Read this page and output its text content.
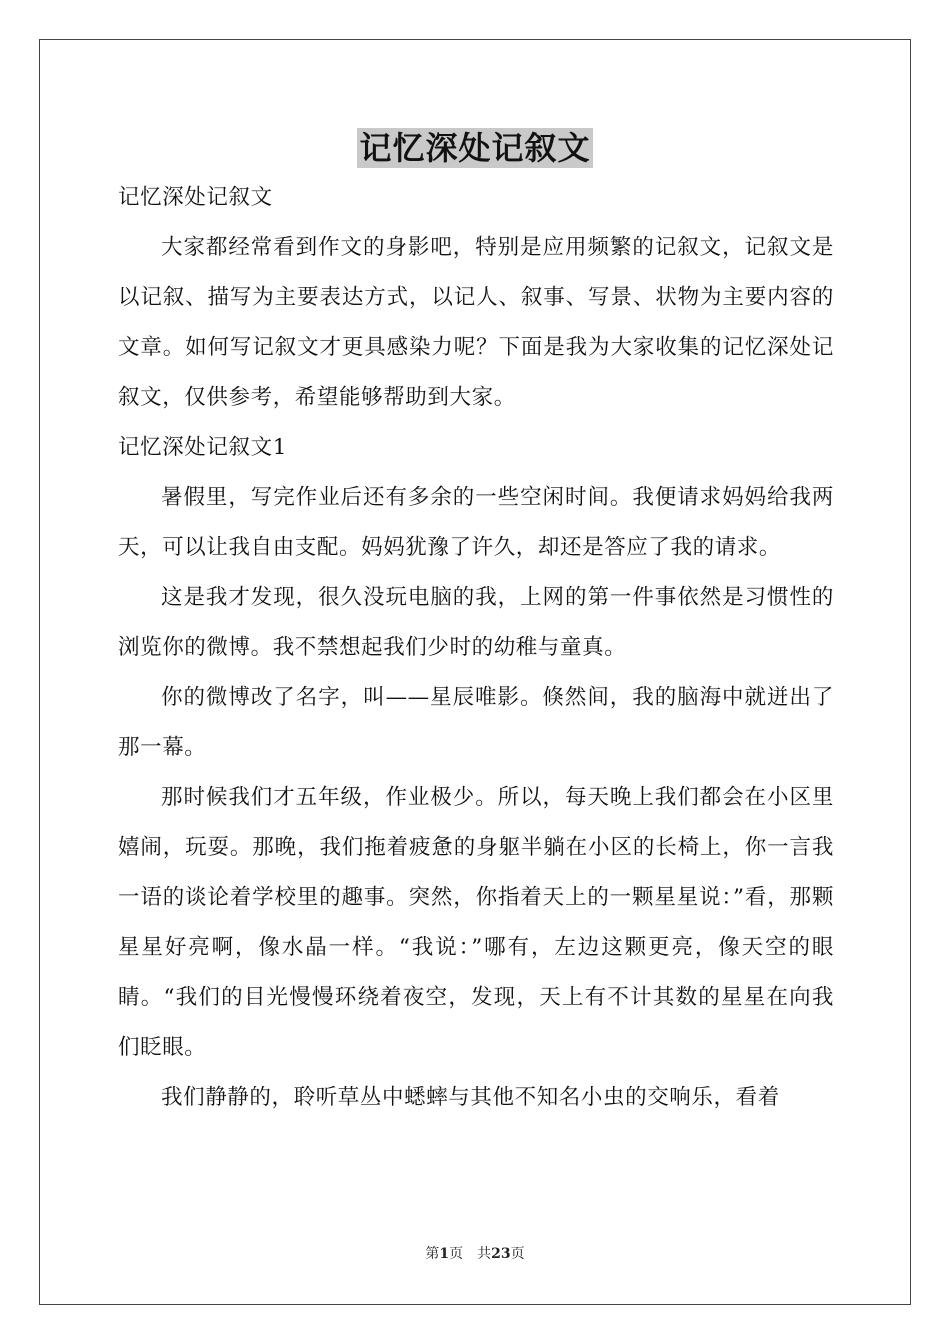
记忆深处记叙文

记忆深处记叙文

大家都经常看到作文的身影吧，特别是应用频繁的记叙文，记叙文是以记叙、描写为主要表达方式，以记人、叙事、写景、状物为主要内容的文章。如何写记叙文才更具感染力呢？下面是我为大家收集的记忆深处记叙文，仅供参考，希望能够帮助到大家。

记忆深处记叙文1

暑假里，写完作业后还有多余的一些空闲时间。我便请求妈妈给我两天，可以让我自由支配。妈妈犹豫了许久，却还是答应了我的请求。

这是我才发现，很久没玩电脑的我，上网的第一件事依然是习惯性的浏览你的微博。我不禁想起我们少时的幼稚与童真。

你的微博改了名字，叫——星辰唯影。倏然间，我的脑海中就迸出了那一幕。

那时候我们才五年级，作业极少。所以，每天晚上我们都会在小区里嬉闹，玩耍。那晚，我们拖着疲惫的身躯半躺在小区的长椅上，你一言我一语的谈论着学校里的趣事。突然，你指着天上的一颗星星说：”看，那颗星星好亮啊，像水晶一样。“我说：”哪有，左边这颗更亮，像天空的眼睛。“我们的目光慢慢环绕着夜空，发现，天上有不计其数的星星在向我们眨眼。

我们静静的，聆听草丛中蟋蟀与其他不知名小虫的交响乐，看着

第1页 共23页
